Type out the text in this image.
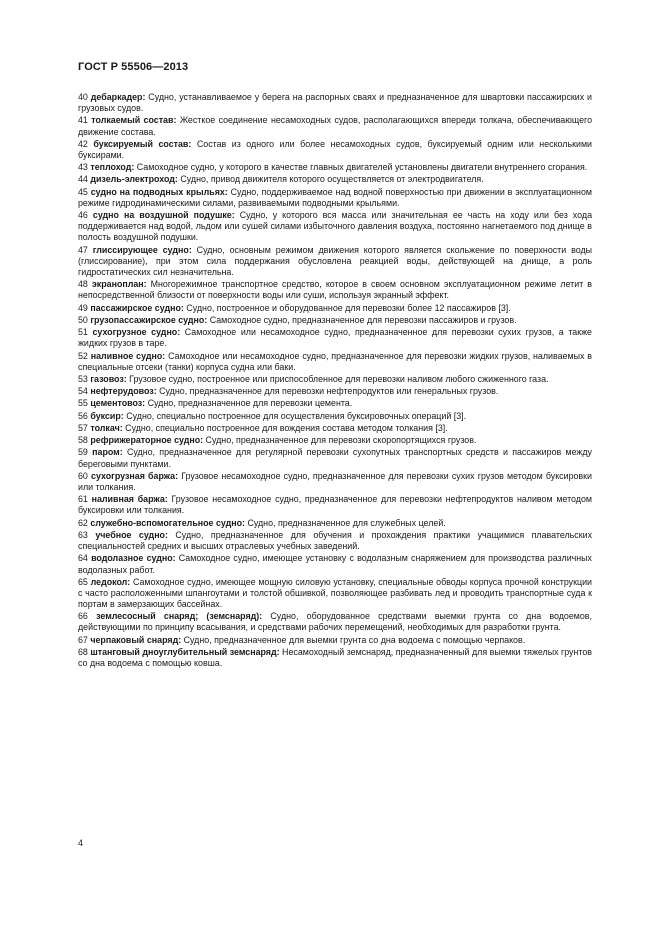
ГОСТ Р 55506—2013
40 дебаркадер: Судно, устанавливаемое у берега на распорных сваях и предназначенное для швартовки пассажирских и грузовых судов.
41 толкаемый состав: Жесткое соединение несамоходных судов, располагающихся впереди толкача, обеспечивающего движение состава.
42 буксируемый состав: Состав из одного или более несамоходных судов, буксируемый одним или несколькими буксирами.
43 теплоход: Самоходное судно, у которого в качестве главных двигателей установлены двигатели внутреннего сгорания.
44 дизель-электроход: Судно, привод движителя которого осуществляется от электродвигателя.
45 судно на подводных крыльях: Судно, поддерживаемое над водной поверхностью при движении в эксплуатационном режиме гидродинамическими силами, развиваемыми подводными крыльями.
46 судно на воздушной подушке: Судно, у которого вся масса или значительная ее часть на ходу или без хода поддерживается над водой, льдом или сушей силами избыточного давления воздуха, постоянно нагнетаемого под днище в полость воздушной подушки.
47 глиссирующее судно: Судно, основным режимом движения которого является скольжение по поверхности воды (глиссирование), при этом сила поддержания обусловлена реакцией воды, действующей на днище, а роль гидростатических сил незначительна.
48 экраноплан: Многорежимное транспортное средство, которое в своем основном эксплуатационном режиме летит в непосредственной близости от поверхности воды или суши, используя экранный эффект.
49 пассажирское судно: Судно, построенное и оборудованное для перевозки более 12 пассажиров [3].
50 грузопассажирское судно: Самоходное судно, предназначенное для перевозки пассажиров и грузов.
51 сухогрузное судно: Самоходное или несамоходное судно, предназначенное для перевозки сухих грузов, а также жидких грузов в таре.
52 наливное судно: Самоходное или несамоходное судно, предназначенное для перевозки жидких грузов, наливаемых в специальные отсеки (танки) корпуса судна или баки.
53 газовоз: Грузовое судно, построенное или приспособленное для перевозки наливом любого сжиженного газа.
54 нефтерудовоз: Судно, предназначенное для перевозки нефтепродуктов или генеральных грузов.
55 цементовоз: Судно, предназначенное для перевозки цемента.
56 буксир: Судно, специально построенное для осуществления буксировочных операций [3].
57 толкач: Судно, специально построенное для вождения состава методом толкания [3].
58 рефрижераторное судно: Судно, предназначенное для перевозки скоропортящихся грузов.
59 паром: Судно, предназначенное для регулярной перевозки сухопутных транспортных средств и пассажиров между береговыми пунктами.
60 сухогрузная баржа: Грузовое несамоходное судно, предназначенное для перевозки сухих грузов методом буксировки или толкания.
61 наливная баржа: Грузовое несамоходное судно, предназначенное для перевозки нефтепродуктов наливом методом буксировки или толкания.
62 служебно-вспомогательное судно: Судно, предназначенное для служебных целей.
63 учебное судно: Судно, предназначенное для обучения и прохождения практики учащимися плавательских специальностей средних и высших отраслевых учебных заведений.
64 водолазное судно: Самоходное судно, имеющее установку с водолазным снаряжением для производства различных водолазных работ.
65 ледокол: Самоходное судно, имеющее мощную силовую установку, специальные обводы корпуса прочной конструкции с часто расположенными шпангоутами и толстой обшивкой, позволяющее разбивать лед и проводить транспортные суда к портам в замерзающих бассейнах.
66 землесосный снаряд; (земснаряд): Судно, оборудованное средствами выемки грунта со дна водоемов, действующими по принципу всасывания, и средствами рабочих перемещений, необходимых для разработки грунта.
67 черпаковый снаряд: Судно, предназначенное для выемки грунта со дна водоема с помощью черпаков.
68 штанговый дноуглубительный земснаряд: Несамоходный земснаряд, предназначенный для выемки тяжелых грунтов со дна водоема с помощью ковша.
4
